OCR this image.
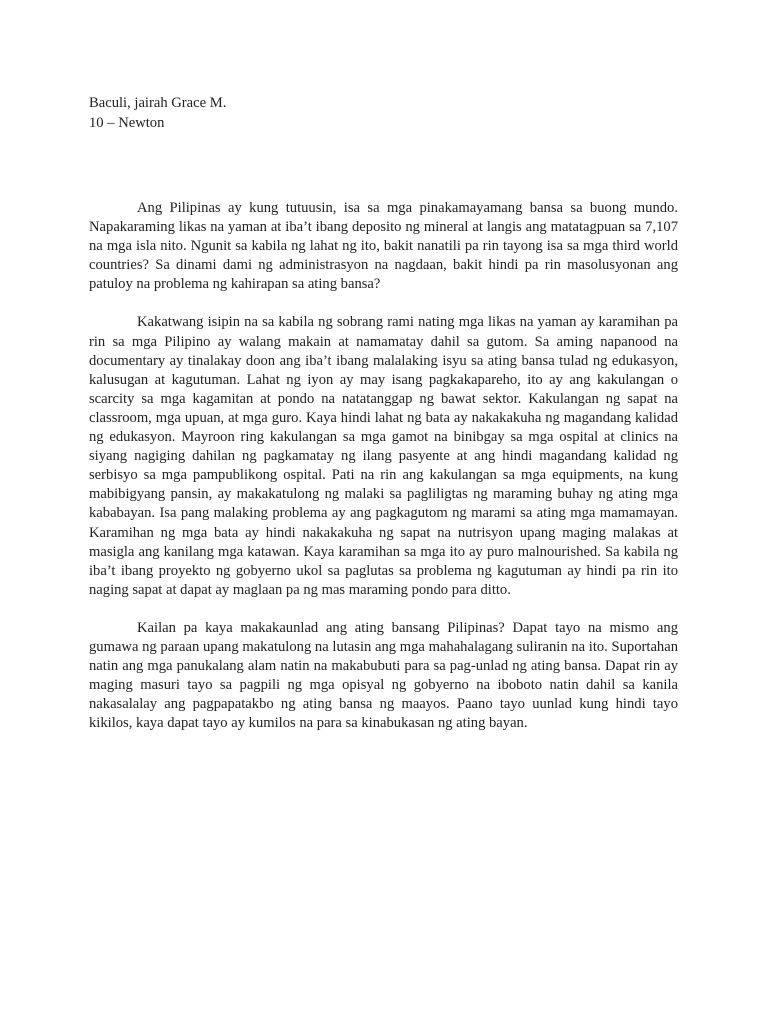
Baculi, jairah Grace M.
10 – Newton

Ang Pilipinas ay kung tutuusin, isa sa mga pinakamayamang bansa sa buong mundo. Napakaraming likas na yaman at iba’t ibang deposito ng mineral at langis ang matatagpuan sa 7,107 na mga isla nito. Ngunit sa kabila ng lahat ng ito, bakit nanatili pa rin tayong isa sa mga third world countries? Sa dinami dami ng administrasyon na nagdaan, bakit hindi pa rin masolusyonan ang patuloy na problema ng kahirapan sa ating bansa?

Kakatwang isipin na sa kabila ng sobrang rami nating mga likas na yaman ay karamihan pa rin sa mga Pilipino ay walang makain at namamatay dahil sa gutom. Sa aming napanood na documentary ay tinalakay doon ang iba’t ibang malalaking isyu sa ating bansa tulad ng edukasyon, kalusugan at kagutuman. Lahat ng iyon ay may isang pagkakapareho, ito ay ang kakulangan o scarcity sa mga kagamitan at pondo na natatanggap ng bawat sektor. Kakulangan ng sapat na classroom, mga upuan, at mga guro. Kaya hindi lahat ng bata ay nakakakuha ng magandang kalidad ng edukasyon. Mayroon ring kakulangan sa mga gamot na binibgay sa mga ospital at clinics na siyang nagiging dahilan ng pagkamatay ng ilang pasyente at ang hindi magandang kalidad ng serbisyo sa mga pampublikong ospital. Pati na rin ang kakulangan sa mga equipments, na kung mabibigyang pansin, ay makakatulong ng malaki sa pagliligtas ng maraming buhay ng ating mga kababayan. Isa pang malaking problema ay ang pagkagutom ng marami sa ating mga mamamayan. Karamihan ng mga bata ay hindi nakakakuha ng sapat na nutrisyon upang maging malakas at masigla ang kanilang mga katawan. Kaya karamihan sa mga ito ay puro malnourished. Sa kabila ng iba’t ibang proyekto ng gobyerno ukol sa paglutas sa problema ng kagutuman ay hindi pa rin ito naging sapat at dapat ay maglaan pa ng mas maraming pondo para ditto.

Kailan pa kaya makakaunlad ang ating bansang Pilipinas? Dapat tayo na mismo ang gumawa ng paraan upang makatulong na lutasin ang mga mahahalagang suliranin na ito. Suportahan natin ang mga panukalang alam natin na makabubuti para sa pag-unlad ng ating bansa. Dapat rin ay maging masuri tayo sa pagpili ng mga opisyal ng gobyerno na iboboto natin dahil sa kanila nakasalalay ang pagpapatakbo ng ating bansa ng maayos. Paano tayo uunlad kung hindi tayo kikilos, kaya dapat tayo ay kumilos na para sa kinabukasan ng ating bayan.
